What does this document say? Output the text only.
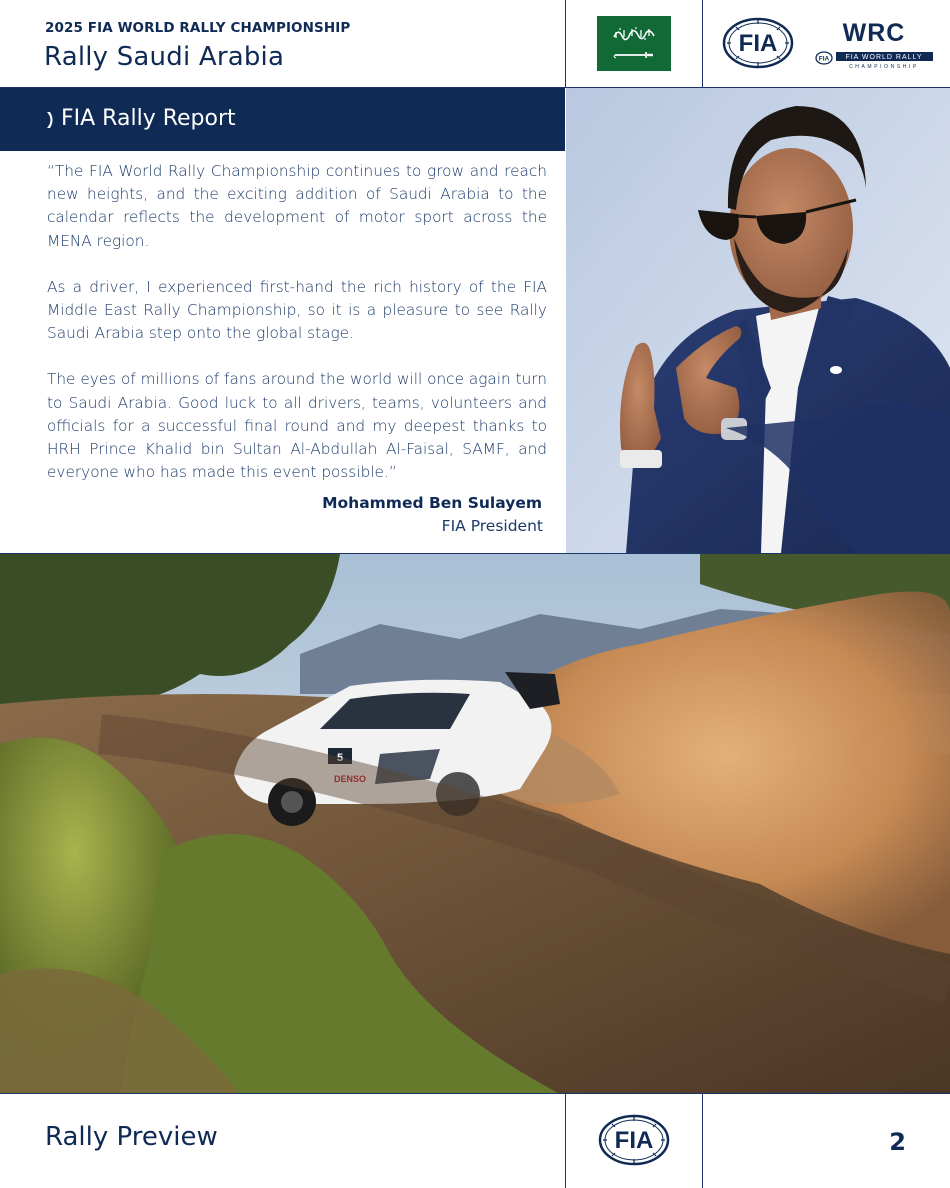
2025 FIA WORLD RALLY CHAMPIONSHIP
Rally Saudi Arabia	FIA	WRC
FIA FIA WORLD RALLY
CHAMPIONSHIP
FIA Rally Report

“The FIA World Rally Championship continues to grow and reach new heights, and the exciting addition of Saudi Arabia to the calendar reflects the development of motor sport across the MENA region.

As a driver, I experienced first-hand the rich history of the FIA Middle East Rally Championship, so it is a pleasure to see Rally Saudi Arabia step onto the global stage.

The eyes of millions of fans around the world will once again turn to Saudi Arabia. Good luck to all drivers, teams, volunteers and officials for a successful final round and my deepest thanks to HRH Prince Khalid bin Sultan Al-Abdullah Al-Faisal, SAMF, and everyone who has made this event possible.”

Mohammed Ben Sulayem
FIA President
5
DENSO
Rally Preview	FIA	2
